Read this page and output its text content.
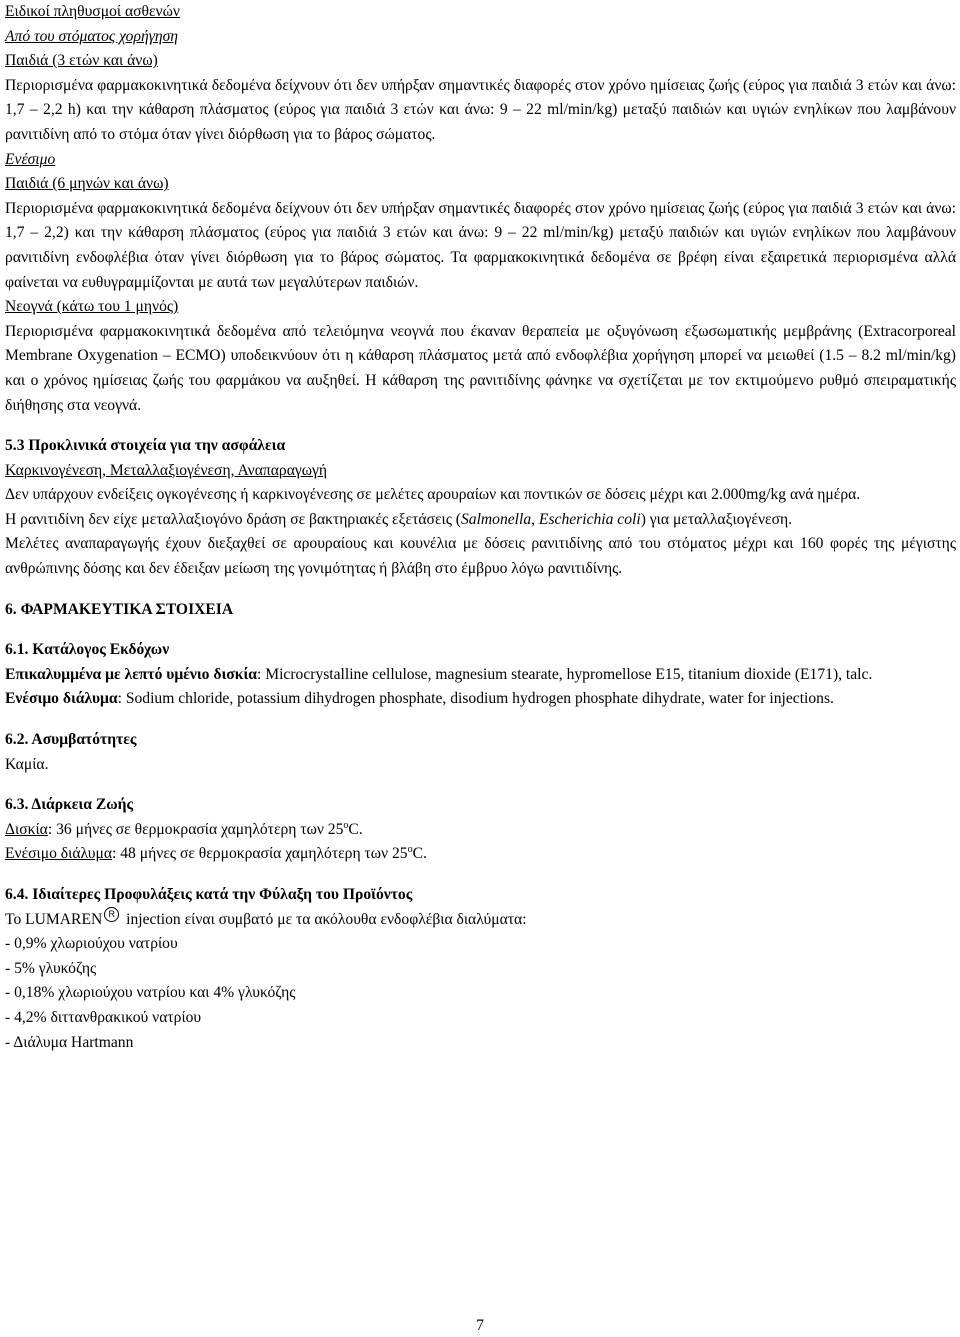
Ειδικοί πληθυσμοί ασθενών

Από του στόματος χορήγηση

Παιδιά (3 ετών και άνω)

Περιορισμένα φαρμακοκινητικά δεδομένα δείχνουν ότι δεν υπήρξαν σημαντικές διαφορές στον χρόνο ημίσειας ζωής (εύρος για παιδιά 3 ετών και άνω: 1,7 – 2,2 h) και την κάθαρση πλάσματος (εύρος για παιδιά 3 ετών και άνω: 9 – 22 ml/min/kg) μεταξύ παιδιών και υγιών ενηλίκων που λαμβάνουν ρανιτιδίνη από το στόμα όταν γίνει διόρθωση για το βάρος σώματος.

Ενέσιμο

Παιδιά (6 μηνών και άνω)

Περιορισμένα φαρμακοκινητικά δεδομένα δείχνουν ότι δεν υπήρξαν σημαντικές διαφορές στον χρόνο ημίσειας ζωής (εύρος για παιδιά 3 ετών και άνω: 1,7 – 2,2) και την κάθαρση πλάσματος (εύρος για παιδιά 3 ετών και άνω: 9 – 22 ml/min/kg) μεταξύ παιδιών και υγιών ενηλίκων που λαμβάνουν ρανιτιδίνη ενδοφλέβια όταν γίνει διόρθωση για το βάρος σώματος. Τα φαρμακοκινητικά δεδομένα σε βρέφη είναι εξαιρετικά περιορισμένα αλλά φαίνεται να ευθυγραμμίζονται με αυτά των μεγαλύτερων παιδιών.

Νεογνά (κάτω του 1 μηνός)

Περιορισμένα φαρμακοκινητικά δεδομένα από τελειόμηνα νεογνά που έκαναν θεραπεία με οξυγόνωση εξωσωματικής μεμβράνης (Extracorporeal Membrane Oxygenation – ECMO) υποδεικνύουν ότι η κάθαρση πλάσματος μετά από ενδοφλέβια χορήγηση μπορεί να μειωθεί (1.5 – 8.2 ml/min/kg) και ο χρόνος ημίσειας ζωής του φαρμάκου να αυξηθεί. Η κάθαρση της ρανιτιδίνης φάνηκε να σχετίζεται με τον εκτιμούμενο ρυθμό σπειραματικής διήθησης στα νεογνά.

5.3 Προκλινικά στοιχεία για την ασφάλεια

Καρκινογένεση, Μεταλλαξιογένεση, Αναπαραγωγή

Δεν υπάρχουν ενδείξεις ογκογένεσης ή καρκινογένεσης σε μελέτες αρουραίων και ποντικών σε δόσεις μέχρι και 2.000mg/kg ανά ημέρα.

Η ρανιτιδίνη δεν είχε μεταλλαξιογόνο δράση σε βακτηριακές εξετάσεις (Salmonella, Escherichia coli) για μεταλλαξιογένεση.

Μελέτες αναπαραγωγής έχουν διεξαχθεί σε αρουραίους και κουνέλια με δόσεις ρανιτιδίνης από του στόματος μέχρι και 160 φορές της μέγιστης ανθρώπινης δόσης και δεν έδειξαν μείωση της γονιμότητας ή βλάβη στο έμβρυο λόγω ρανιτιδίνης.

6. ΦΑΡΜΑΚΕΥΤΙΚΑ ΣΤΟΙΧΕΙΑ

6.1. Κατάλογος Εκδόχων

Επικαλυμμένα με λεπτό υμένιο δισκία: Microcrystalline cellulose, magnesium stearate, hypromellose E15, titanium dioxide (E171), talc.

Ενέσιμο διάλυμα: Sodium chloride, potassium dihydrogen phosphate, disodium hydrogen phosphate dihydrate, water for injections.

6.2. Ασυμβατότητες

Καμία.

6.3. Διάρκεια Ζωής

Δισκία: 36 μήνες σε θερμοκρασία χαμηλότερη των 25$^o$C.

Ενέσιμο διάλυμα: 48 μήνες σε θερμοκρασία χαμηλότερη των 25$^o$C.

6.4. Ιδιαίτερες Προφυλάξεις κατά την Φύλαξη του Προϊόντος

Το LUMAREN R injection είναι συμβατό με τα ακόλουθα ενδοφλέβια διαλύματα:

- 0,9% χλωριούχου νατρίου

- 5% γλυκόζης

- 0,18% χλωριούχου νατρίου και 4% γλυκόζης

- 4,2% διττανθρακικού νατρίου

- Διάλυμα Hartmann

7
